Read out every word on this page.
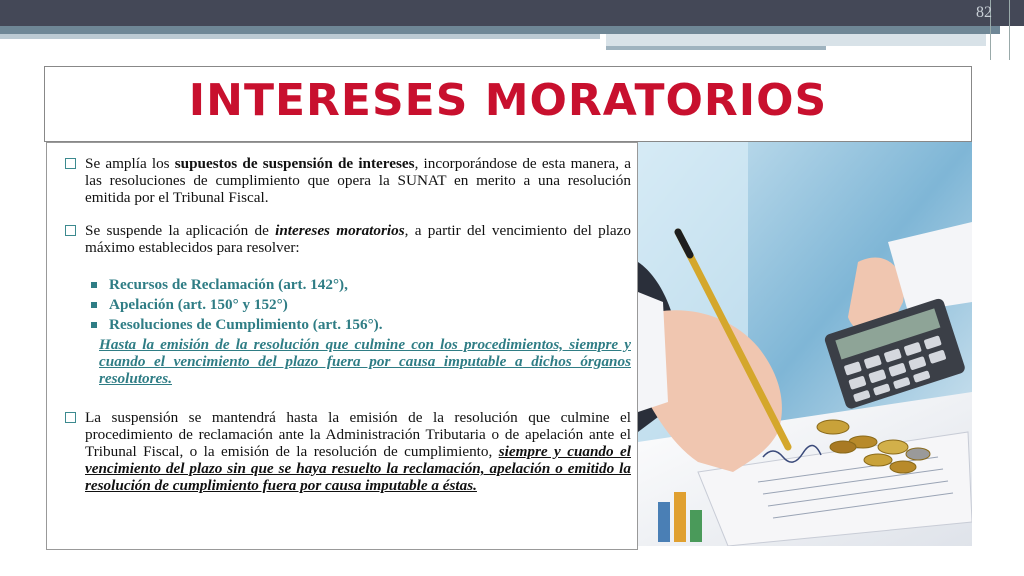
82
INTERESES MORATORIOS
Se amplía los supuestos de suspensión de intereses, incorporándose de esta manera, a las resoluciones de cumplimiento que opera la SUNAT en merito a una resolución emitida por el Tribunal Fiscal.
Se suspende la aplicación de intereses moratorios, a partir del vencimiento del plazo máximo establecidos para resolver:
Recursos de Reclamación (art. 142°),
Apelación (art. 150° y 152°)
Resoluciones de Cumplimiento (art. 156°).
Hasta la emisión de la resolución que culmine con los procedimientos, siempre y cuando el vencimiento del plazo fuera por causa imputable a dichos órganos resolutores.
La suspensión se mantendrá hasta la emisión de la resolución que culmine el procedimiento de reclamación ante la Administración Tributaria o de apelación ante el Tribunal Fiscal, o la emisión de la resolución de cumplimiento, siempre y cuando el vencimiento del plazo sin que se haya resuelto la reclamación, apelación o emitido la resolución de cumplimiento fuera por causa imputable a éstas.
